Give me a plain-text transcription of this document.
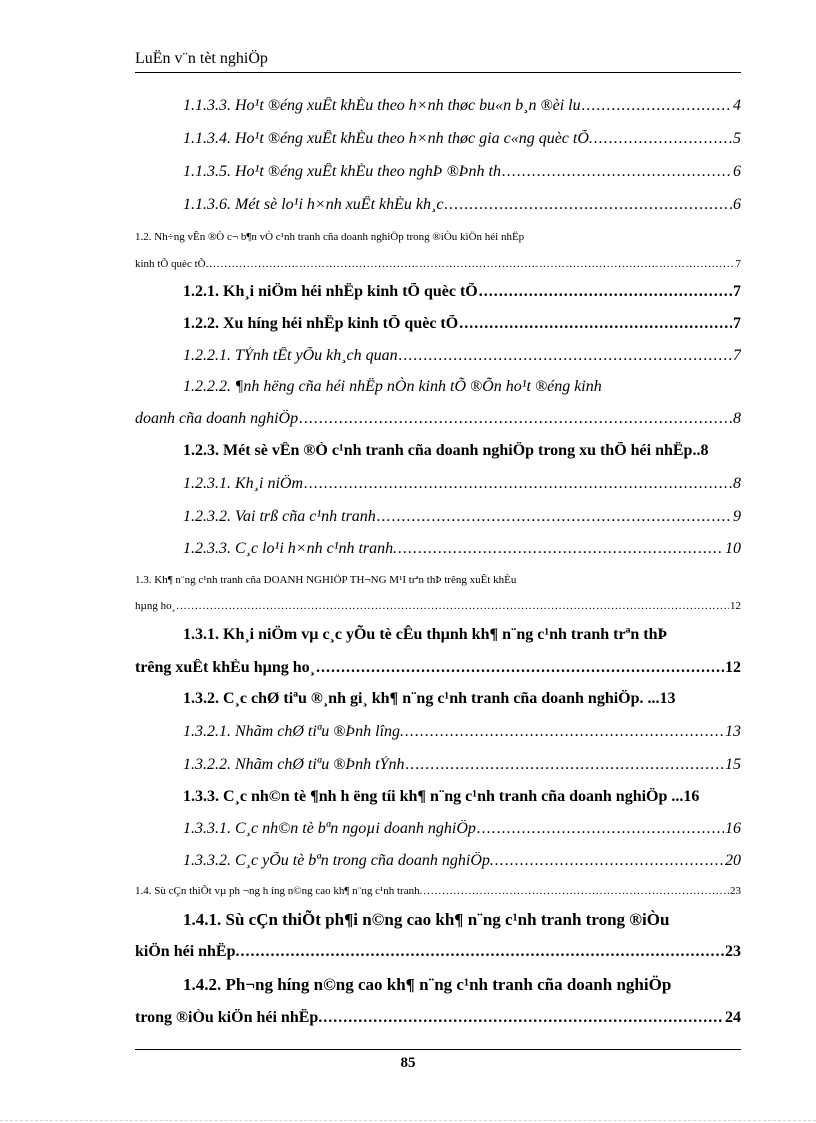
LuËn v¨n tèt nghiÖp
1.1.3.3. Ho¹t ®éng xuÊt khÈu theo h×nh thøc bu«n b¸n ®èi lu .....	4
1.1.3.4. Ho¹t ®éng xuÊt khÈu theo h×nh thøc gia c«ng quèc tÕ. .....	5
1.1.3.5. Ho¹t ®éng xuÊt khÈu theo nghÞ ®Þnh th .....	6
1.1.3.6. Mét sè lo¹i h×nh xuÊt khÈu kh¸c .....	6
1.2. Nh÷ng vÊn ®Ò c¬ b¶n vÒ c¹nh tranh cña doanh nghiÖp trong ®iÒu kiÖn héi nhËp
kinh tÕ quèc tÕ. .....	7
1.2.1. Kh¸i niÖm héi nhËp kinh tÕ quèc tÕ .....	7
1.2.2. Xu híng héi nhËp kinh tÕ quèc tÕ .....	7
1.2.2.1. TÝnh tÊt yÕu kh¸ch quan .....	7
1.2.2.2. ¶nh hëng cña héi nhËp nÒn kinh tÕ ®Õn ho¹t ®éng kinh
doanh cña doanh nghiÖp .....	8
1.2.3. Mét sè vÊn ®Ò c¹nh tranh cña doanh nghiÖp trong xu thÕ héi nhËp.. 8
1.2.3.1. Kh¸i niÖm .....	8
1.2.3.2. Vai trß cña c¹nh tranh .....	9
1.2.3.3. C¸c lo¹i h×nh c¹nh tranh. .....	10
1.3. Kh¶ n¨ng c¹nh tranh cña DOANH NGHIÖP TH¬NG M¹I trªn thÞ trêng xuÊt khÈu
hµng ho¸ .....	12
1.3.1. Kh¸i niÖm vµ c¸c yÕu tè cÊu thµnh kh¶ n¨ng c¹nh tranh trªn thÞ
trêng xuÊt khÈu hµng ho¸ .....	12
1.3.2. C¸c chØ tiªu ®¸nh gi¸ kh¶ n¨ng c¹nh tranh cña doanh nghiÖp. ... 13
1.3.2.1. Nhãm chØ tiªu ®Þnh lîng. .....	13
1.3.2.2. Nhãm chØ tiªu ®Þnh tÝnh .....	15
1.3.3. C¸c nh©n tè ¶nh h ëng tíi kh¶ n¨ng c¹nh tranh cña doanh nghiÖp ... 16
1.3.3.1. C¸c nh©n tè bªn ngoµi doanh nghiÖp .....	16
1.3.3.2. C¸c yÕu tè bªn trong cña doanh nghiÖp. .....	20
1.4. Sù cÇn thiÕt vµ ph ¬ng h íng n©ng cao kh¶ n¨ng c¹nh tranh. .....	23
1.4.1. Sù cÇn thiÕt ph¶i n©ng cao kh¶ n¨ng c¹nh tranh trong ®iÒu
kiÖn héi nhËp. .....	23
1.4.2. Ph¬ng híng n©ng cao kh¶ n¨ng c¹nh tranh cña doanh nghiÖp
trong ®iÒu kiÖn héi nhËp. .....	24
85
